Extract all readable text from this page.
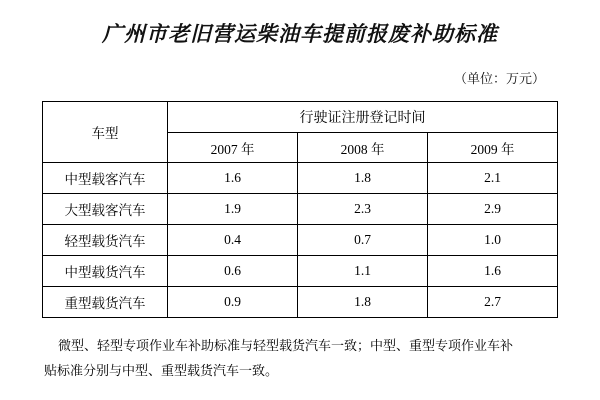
广州市老旧营运柴油车提前报废补助标准
（单位：万元）
车型	行驶证注册登记时间		
	2007 年	2008 年	2009 年
中型载客汽车	1.6	1.8	2.1
大型载客汽车	1.9	2.3	2.9
轻型载货汽车	0.4	0.7	1.0
中型载货汽车	0.6	1.1	1.6
重型载货汽车	0.9	1.8	2.7

微型、轻型专项作业车补助标准与轻型载货汽车一致；中型、重型专项作业车补

贴标准分别与中型、重型载货汽车一致。
